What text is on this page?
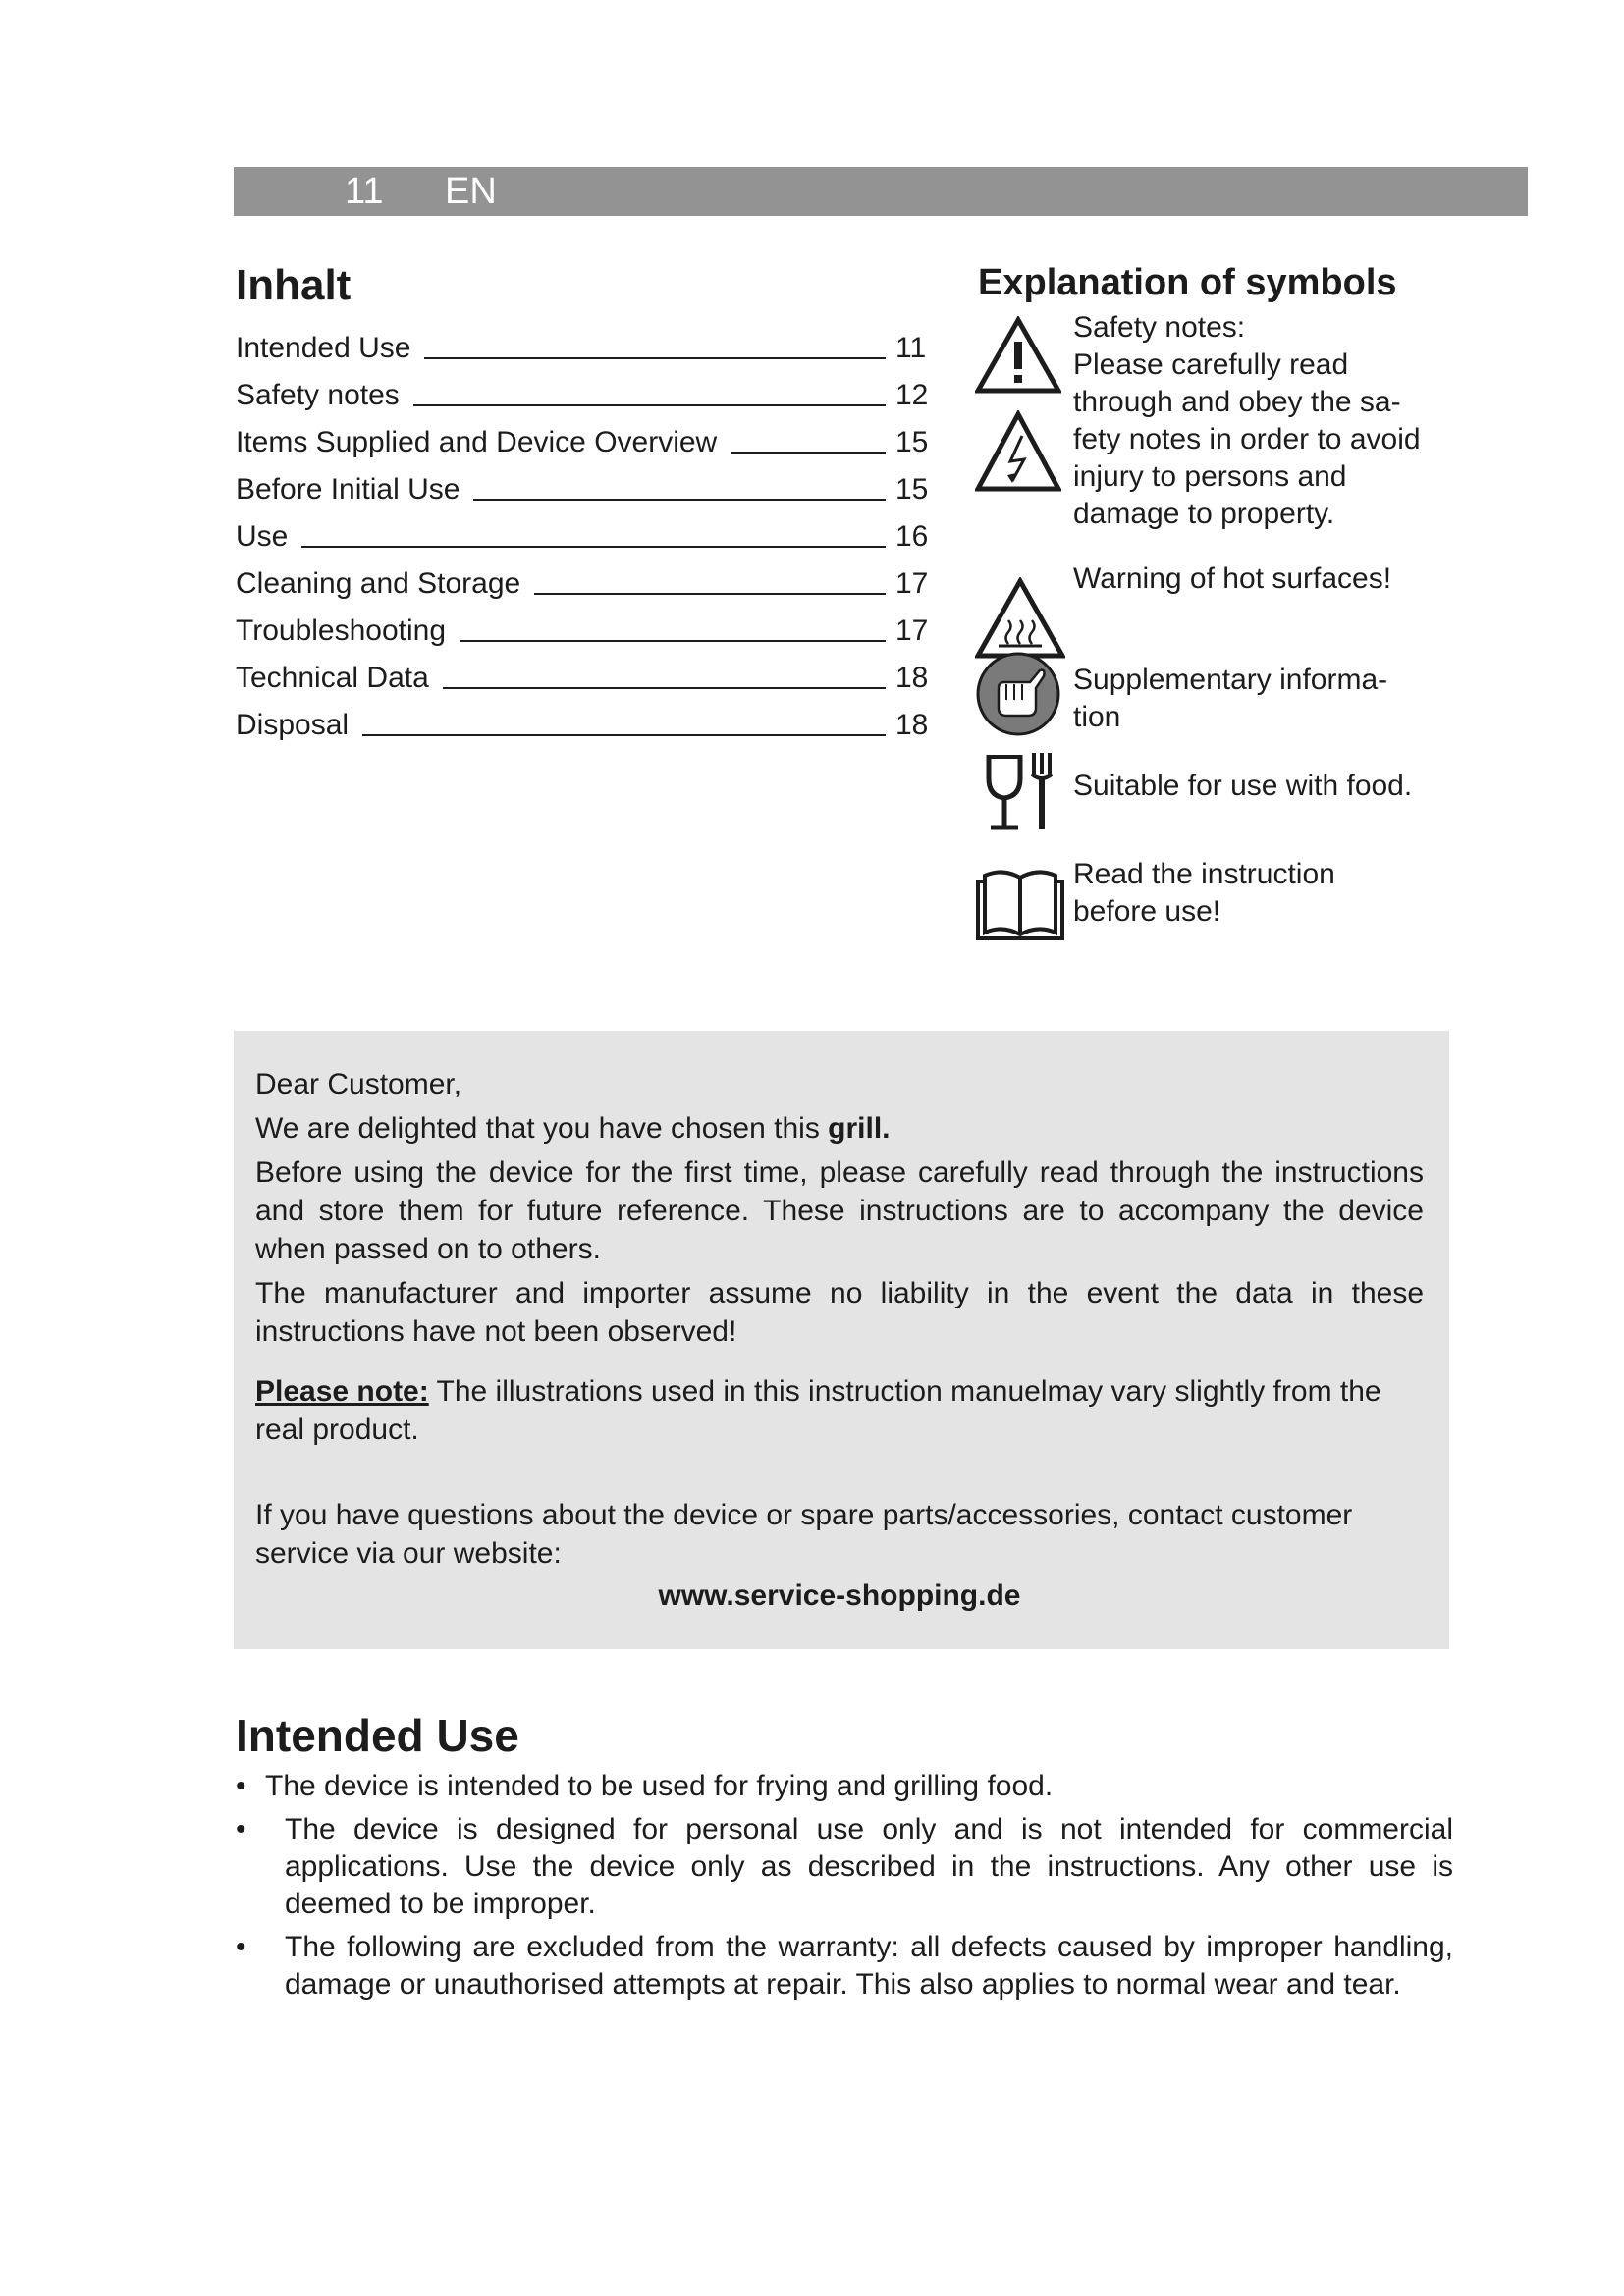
11 EN
Inhalt
Intended Use	11
Safety notes	12
Items Supplied and Device Overview	15
Before Initial Use	15
Use	16
Cleaning and Storage	17
Troubleshooting	17
Technical Data	18
Disposal	18
Explanation of symbols
Safety notes:
Please carefully read
through and obey the sa-
fety notes in order to avoid
injury to persons and
damage to property.
Warning of hot surfaces!
Supplementary informa-
tion
Suitable for use with food.
Read the instruction
before use!

Dear Customer,

We are delighted that you have chosen this grill.

Before using the device for the first time, please carefully read through the instructions and store them for future reference. These instructions are to accompany the device when passed on to others.

The manufacturer and importer assume no liability in the event the data in these instructions have not been observed!

Please note: The illustrations used in this instruction manuelmay vary slightly from the real product.

If you have questions about the device or spare parts/accessories, contact customer service via our website:

www.service-shopping.de

Intended Use
• The device is intended to be used for frying and grilling food.
• The device is designed for personal use only and is not intended for commercial applications. Use the device only as described in the instructions. Any other use is deemed to be improper.
• The following are excluded from the warranty: all defects caused by improper handling, damage or unauthorised attempts at repair. This also applies to normal wear and tear.
